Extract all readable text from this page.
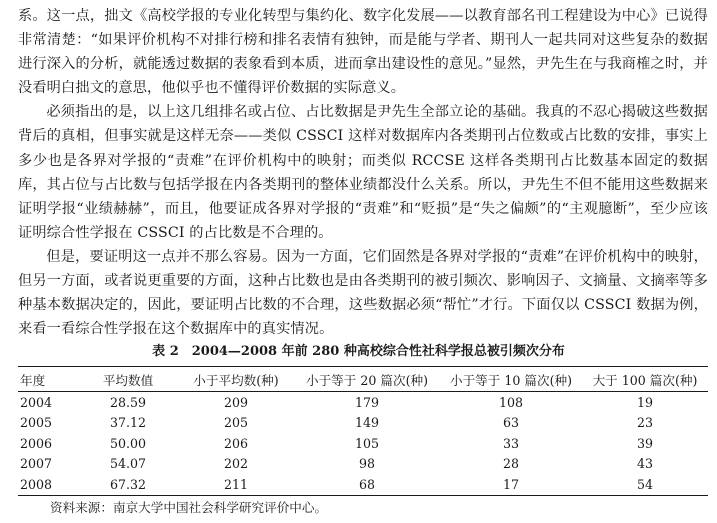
系。这一点，拙文《高校学报的专业化转型与集约化、数字化发展——以教育部名刊工程建设为中心》已说得非常清楚：“如果评价机构不对排行榜和排名表情有独钟，而是能与学者、期刊人一起共同对这些复杂的数据进行深入的分析，就能透过数据的表象看到本质，进而拿出建设性的意见。”显然，尹先生在与我商榷之时，并没看明白拙文的意思，他似乎也不懂得评价数据的实际意义。

必须指出的是，以上这几组排名或占位、占比数据是尹先生全部立论的基础。我真的不忍心揭破这些数据背后的真相，但事实就是这样无奈——类似 CSSCI 这样对数据库内各类期刊占位数或占比数的安排，事实上多少也是各界对学报的“责难”在评价机构中的映射；而类似 RCCSE 这样各类期刊占比数基本固定的数据库，其占位与占比数与包括学报在内各类期刊的整体业绩都没什么关系。所以，尹先生不但不能用这些数据来证明学报“业绩赫赫”，而且，他要证成各界对学报的“责难”和“贬损”是“失之偏颇”的“主观臆断”，至少应该证明综合性学报在 CSSCI 的占比数是不合理的。

但是，要证明这一点并不那么容易。因为一方面，它们固然是各界对学报的“责难”在评价机构中的映射，但另一方面，或者说更重要的方面，这种占比数也是由各类期刊的被引频次、影响因子、文摘量、文摘率等多种基本数据决定的，因此，要证明占比数的不合理，这些数据必须“帮忙”才行。下面仅以 CSSCI 数据为例，来看一看综合性学报在这个数据库中的真实情况。

表 2　2004—2008 年前 280 种高校综合性社科学报总被引频次分布
年度	平均数值	小于平均数(种)	小于等于 20 篇次(种)	小于等于 10 篇次(种)	大于 100 篇次(种)
2004	28.59	209	179	108	19
2005	37.12	205	149	63	23
2006	50.00	206	105	33	39
2007	54.07	202	98	28	43
2008	67.32	211	68	17	54
资料来源：南京大学中国社会科学研究评价中心。
